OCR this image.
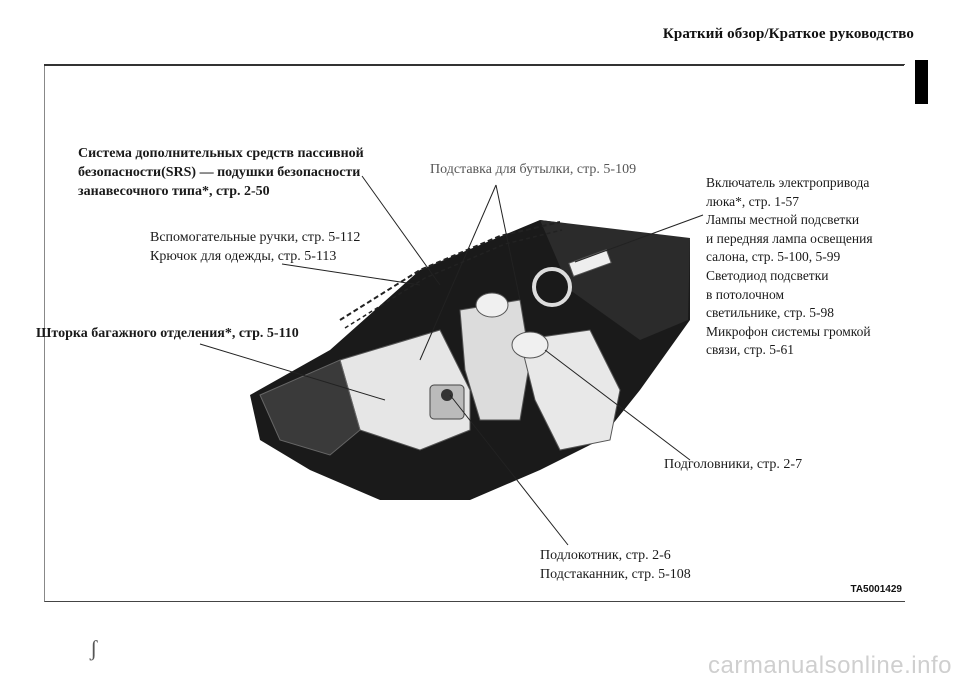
Краткий обзор/Краткое руководство
Система дополнительных средств пассивной
безопасности(SRS) — подушки безопасности
занавесочного типа*, стр. 2-50
Вспомогательные ручки, стр. 5-112
Крючок для одежды, стр. 5-113
Шторка багажного отделения*, стр. 5-110
Подставка для бутылки, стр. 5-109
Включатель электропривода
люка*, стр. 1-57
Лампы местной подсветки
и передняя лампа освещения
салона, стр. 5-100, 5-99
Светодиод подсветки
в потолочном
светильнике, стр. 5-98
Микрофон системы громкой
связи, стр. 5-61
Подголовники, стр. 2-7
Подлокотник, стр. 2-6
Подстаканник, стр. 5-108
TA5001429
ʃ
carmanualsonline.info
